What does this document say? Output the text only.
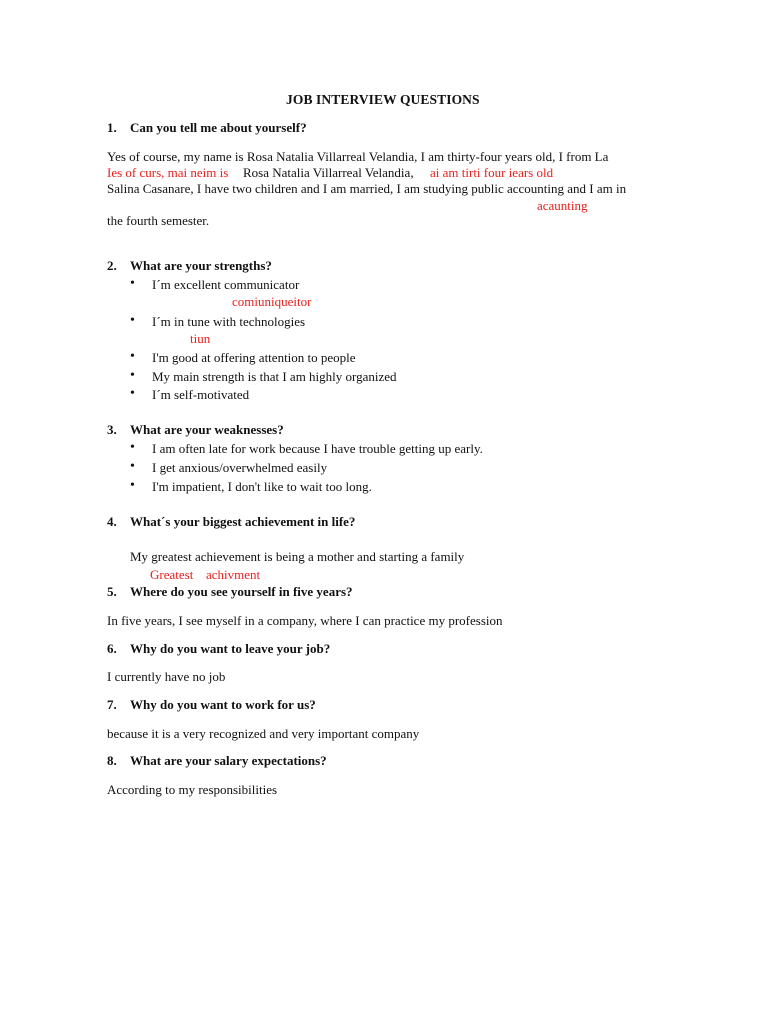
JOB INTERVIEW QUESTIONS
1. Can you tell me about yourself?
Yes of course, my name is Rosa Natalia Villarreal Velandia, I am thirty-four years old, I from La
Ies of curs, mai neim is Rosa Natalia Villarreal Velandia, ai am tirti four iears old
Salina Casanare, I have two children and I am married, I am studying public accounting and I am in
acaunting
the fourth semester.
2. What are your strengths?
• I´m excellent communicator
comiuniqueitor
• I´m in tune with technologies
tiun
• I'm good at offering attention to people
• My main strength is that I am highly organized
• I´m self-motivated
3. What are your weaknesses?
• I am often late for work because I have trouble getting up early.
• I get anxious/overwhelmed easily
• I'm impatient, I don't like to wait too long.
4. What´s your biggest achievement in life?
My greatest achievement is being a mother and starting a family
Greatest achivment
5. Where do you see yourself in five years?
In five years, I see myself in a company, where I can practice my profession
6. Why do you want to leave your job?
I currently have no job
7. Why do you want to work for us?
because it is a very recognized and very important company
8. What are your salary expectations?
According to my responsibilities
